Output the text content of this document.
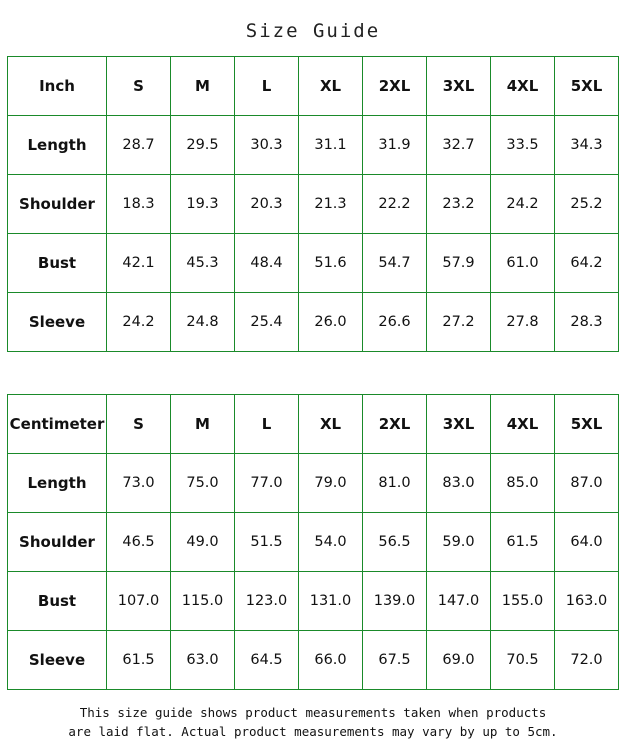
Size Guide
Inch	S	M	L	XL	2XL	3XL	4XL	5XL
Length	28.7	29.5	30.3	31.1	31.9	32.7	33.5	34.3
Shoulder	18.3	19.3	20.3	21.3	22.2	23.2	24.2	25.2
Bust	42.1	45.3	48.4	51.6	54.7	57.9	61.0	64.2
Sleeve	24.2	24.8	25.4	26.0	26.6	27.2	27.8	28.3
Centimeter	S	M	L	XL	2XL	3XL	4XL	5XL
Length	73.0	75.0	77.0	79.0	81.0	83.0	85.0	87.0
Shoulder	46.5	49.0	51.5	54.0	56.5	59.0	61.5	64.0
Bust	107.0	115.0	123.0	131.0	139.0	147.0	155.0	163.0
Sleeve	61.5	63.0	64.5	66.0	67.5	69.0	70.5	72.0
This size guide shows product measurements taken when products
are laid flat. Actual product measurements may vary by up to 5cm.
